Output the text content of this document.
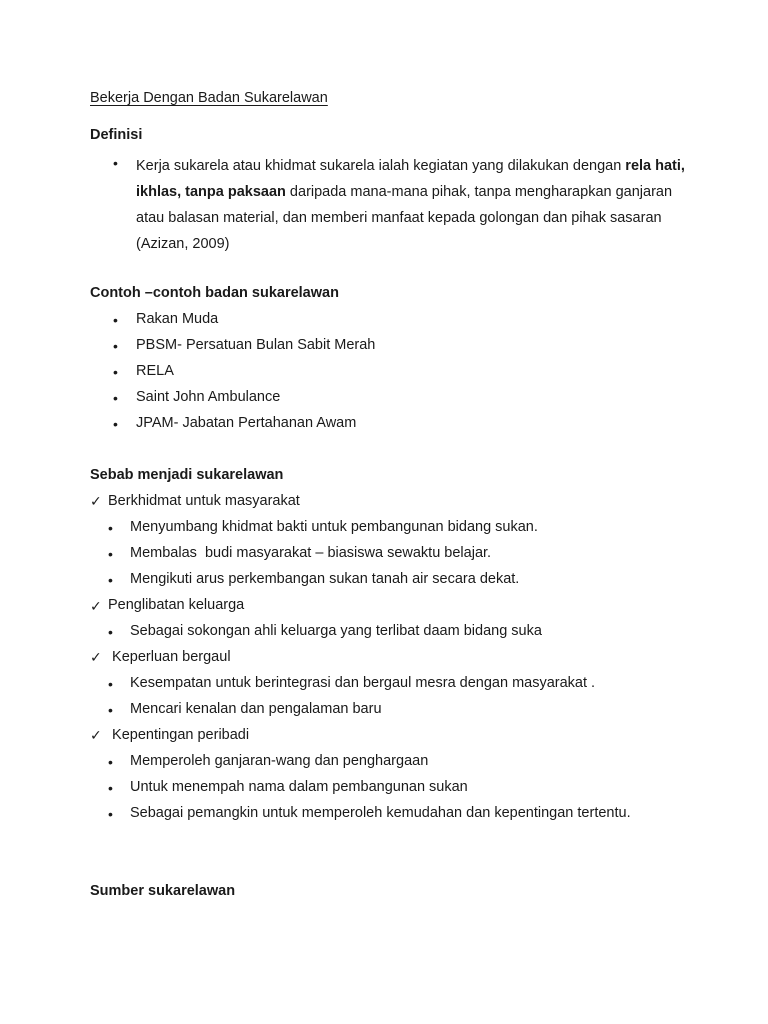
Bekerja Dengan Badan Sukarelawan
Definisi
• Kerja sukarela atau khidmat sukarela ialah kegiatan yang dilakukan dengan rela hati, ikhlas, tanpa paksaan daripada mana-mana pihak, tanpa mengharapkan ganjaran atau balasan material, dan memberi manfaat kepada golongan dan pihak sasaran (Azizan, 2009)
Contoh –contoh badan sukarelawan
• Rakan Muda
• PBSM- Persatuan Bulan Sabit Merah
• RELA
• Saint John Ambulance
• JPAM- Jabatan Pertahanan Awam
Sebab menjadi sukarelawan
✓ Berkhidmat untuk masyarakat
• Menyumbang khidmat bakti untuk pembangunan bidang sukan.
• Membalas  budi masyarakat – biasiswa sewaktu belajar.
• Mengikuti arus perkembangan sukan tanah air secara dekat.
✓ Penglibatan keluarga
• Sebagai sokongan ahli keluarga yang terlibat daam bidang suka
✓ Keperluan bergaul
• Kesempatan untuk berintegrasi dan bergaul mesra dengan masyarakat .
• Mencari kenalan dan pengalaman baru
✓ Kepentingan peribadi
• Memperoleh ganjaran-wang dan penghargaan
• Untuk menempah nama dalam pembangunan sukan
• Sebagai pemangkin untuk memperoleh kemudahan dan kepentingan tertentu.
Sumber sukarelawan
